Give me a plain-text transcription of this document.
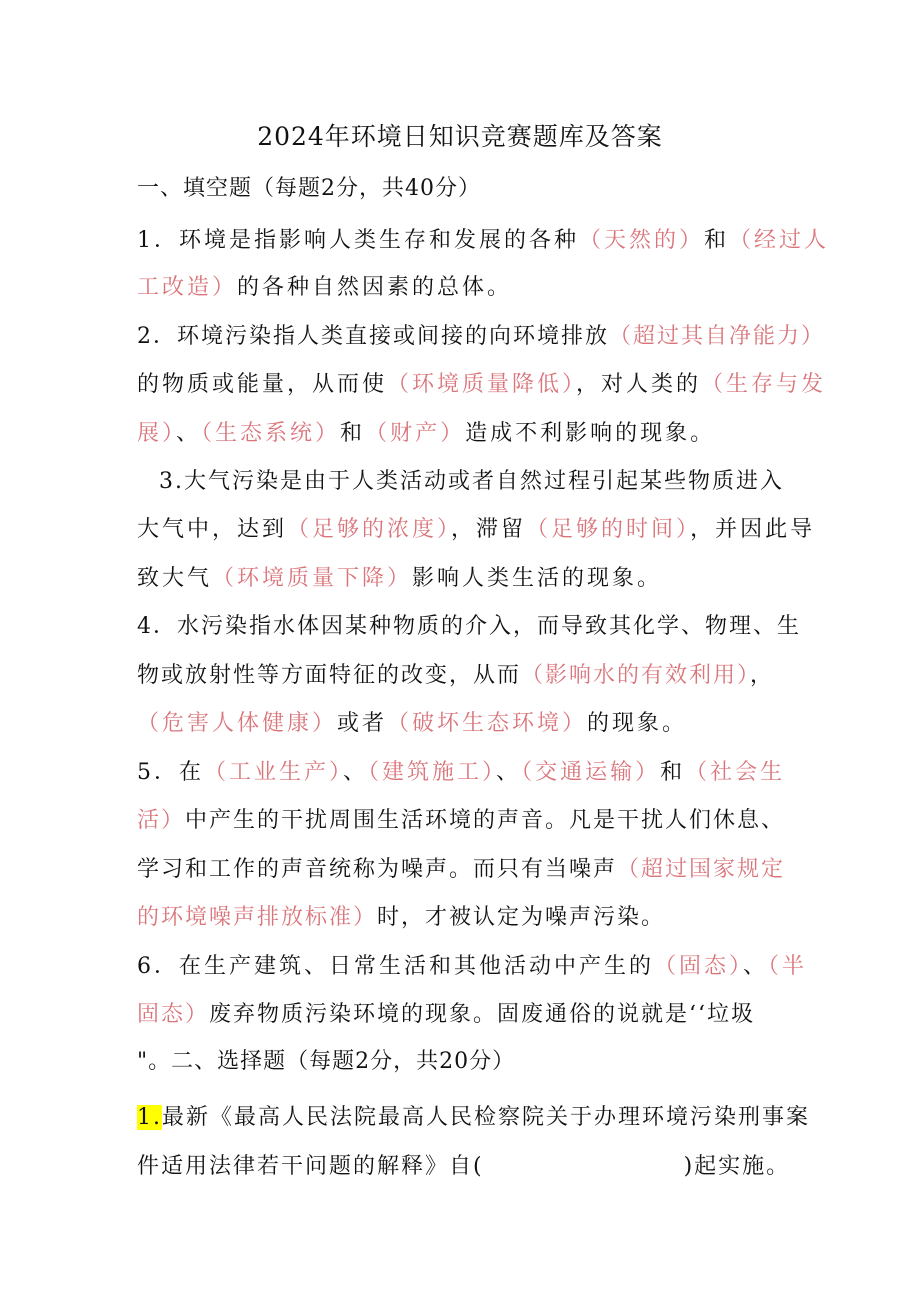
2024年环境日知识竞赛题库及答案
一、填空题（每题2分，共40分）
1．环境是指影响人类生存和发展的各种（天然的）和（经过人
工改造）的各种自然因素的总体。
2．环境污染指人类直接或间接的向环境排放（超过其自净能力）
的物质或能量，从而使（环境质量降低），对人类的（生存与发
展）、（生态系统）和（财产）造成不利影响的现象。
3.大气污染是由于人类活动或者自然过程引起某些物质进入
大气中，达到（足够的浓度），滞留（足够的时间），并因此导
致大气（环境质量下降）影响人类生活的现象。
4．水污染指水体因某种物质的介入，而导致其化学、物理、生
物或放射性等方面特征的改变，从而（影响水的有效利用），
（危害人体健康）或者（破坏生态环境）的现象。
5．在（工业生产）、（建筑施工）、（交通运输）和（社会生
活）中产生的干扰周围生活环境的声音。凡是干扰人们休息、
学习和工作的声音统称为噪声。而只有当噪声（超过国家规定
的环境噪声排放标准）时，才被认定为噪声污染。
6．在生产建筑、日常生活和其他活动中产生的（固态）、（半
固态）废弃物质污染环境的现象。固废通俗的说就是‘‘垃圾
"。二、选择题（每题2分，共20分）
1.最新《最高人民法院最高人民检察院关于办理环境污染刑事案
件适用法律若干问题的解释》自(	)起实施。
